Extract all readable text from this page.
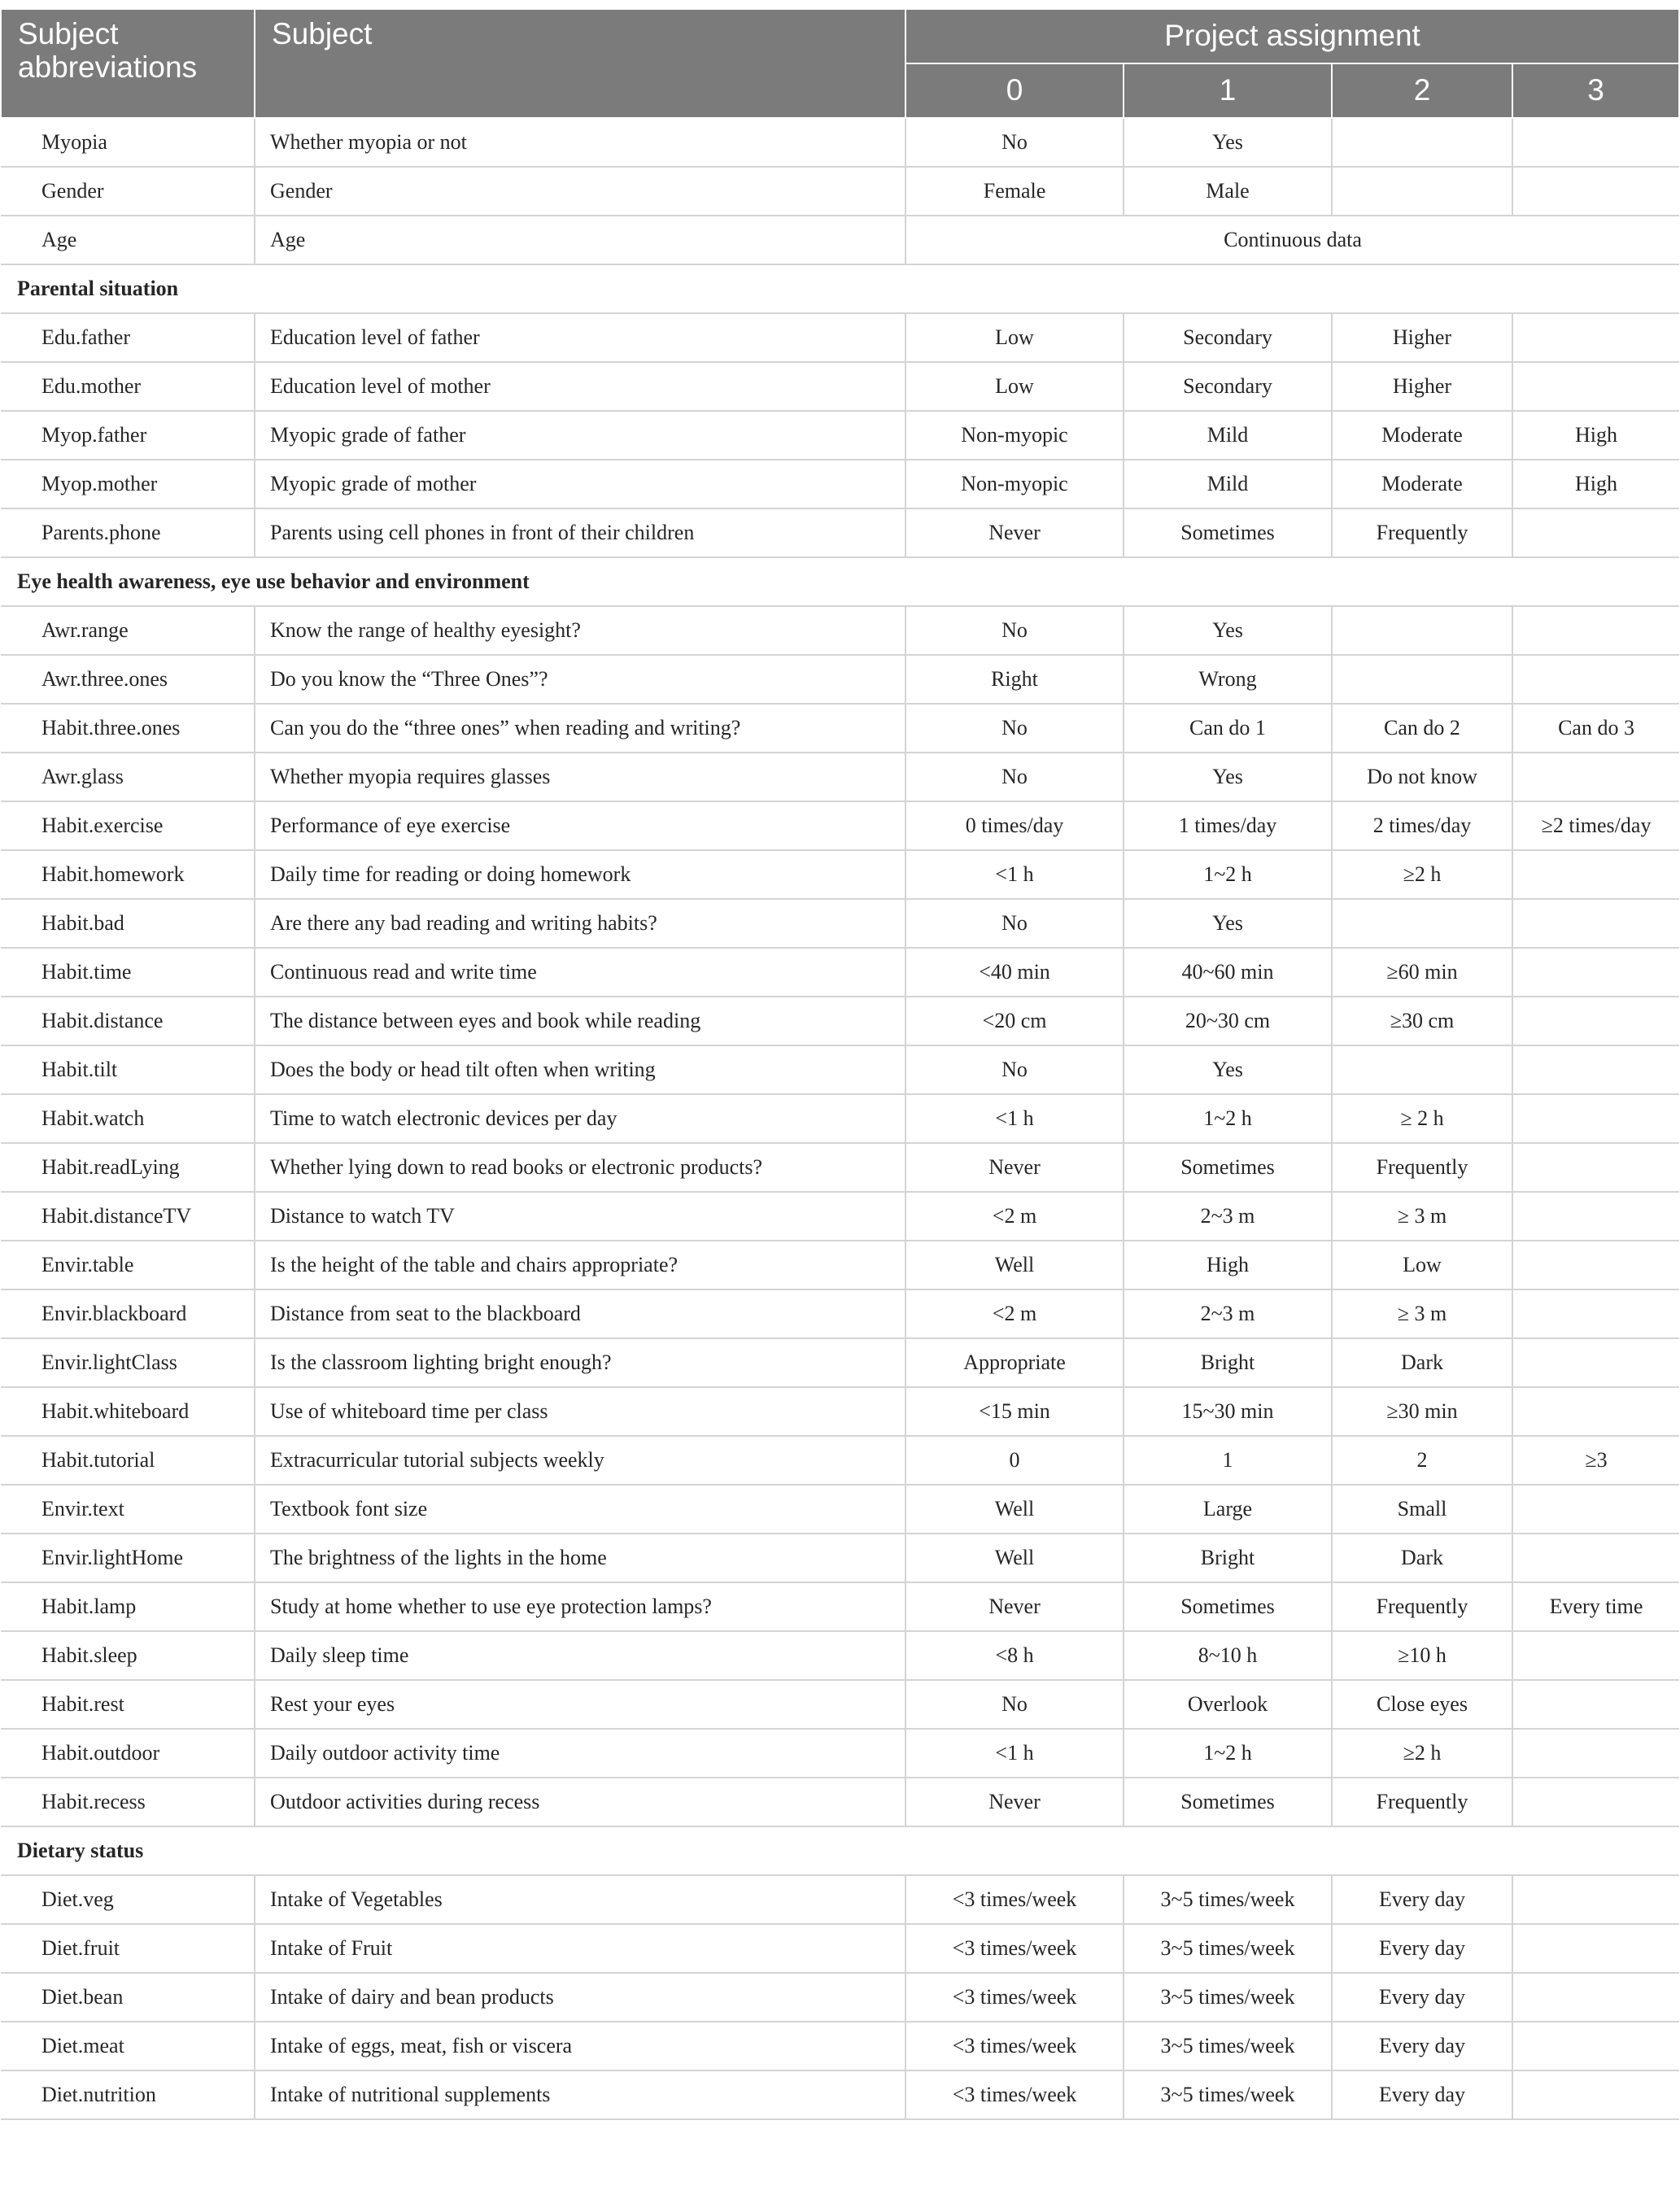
Subject abbreviations	Subject	Project assignment			
		0	1	2	3
Myopia	Whether myopia or not	No	Yes		
Gender	Gender	Female	Male		
Age	Age	Continuous data			
Parental situation					
Edu.father	Education level of father	Low	Secondary	Higher	
Edu.mother	Education level of mother	Low	Secondary	Higher	
Myop.father	Myopic grade of father	Non-myopic	Mild	Moderate	High
Myop.mother	Myopic grade of mother	Non-myopic	Mild	Moderate	High
Parents.phone	Parents using cell phones in front of their children	Never	Sometimes	Frequently	
Eye health awareness, eye use behavior and environment					
Awr.range	Know the range of healthy eyesight?	No	Yes		
Awr.three.ones	Do you know the “Three Ones”?	Right	Wrong		
Habit.three.ones	Can you do the “three ones” when reading and writing?	No	Can do 1	Can do 2	Can do 3
Awr.glass	Whether myopia requires glasses	No	Yes	Do not know	
Habit.exercise	Performance of eye exercise	0 times/day	1 times/day	2 times/day	≥2 times/day
Habit.homework	Daily time for reading or doing homework	<1 h	1~2 h	≥2 h	
Habit.bad	Are there any bad reading and writing habits?	No	Yes		
Habit.time	Continuous read and write time	<40 min	40~60 min	≥60 min	
Habit.distance	The distance between eyes and book while reading	<20 cm	20~30 cm	≥30 cm	
Habit.tilt	Does the body or head tilt often when writing	No	Yes		
Habit.watch	Time to watch electronic devices per day	<1 h	1~2 h	≥ 2 h	
Habit.readLying	Whether lying down to read books or electronic products?	Never	Sometimes	Frequently	
Habit.distanceTV	Distance to watch TV	<2 m	2~3 m	≥ 3 m	
Envir.table	Is the height of the table and chairs appropriate?	Well	High	Low	
Envir.blackboard	Distance from seat to the blackboard	<2 m	2~3 m	≥ 3 m	
Envir.lightClass	Is the classroom lighting bright enough?	Appropriate	Bright	Dark	
Habit.whiteboard	Use of whiteboard time per class	<15 min	15~30 min	≥30 min	
Habit.tutorial	Extracurricular tutorial subjects weekly	0	1	2	≥3
Envir.text	Textbook font size	Well	Large	Small	
Envir.lightHome	The brightness of the lights in the home	Well	Bright	Dark	
Habit.lamp	Study at home whether to use eye protection lamps?	Never	Sometimes	Frequently	Every time
Habit.sleep	Daily sleep time	<8 h	8~10 h	≥10 h	
Habit.rest	Rest your eyes	No	Overlook	Close eyes	
Habit.outdoor	Daily outdoor activity time	<1 h	1~2 h	≥2 h	
Habit.recess	Outdoor activities during recess	Never	Sometimes	Frequently	
Dietary status					
Diet.veg	Intake of Vegetables	<3 times/week	3~5 times/week	Every day	
Diet.fruit	Intake of Fruit	<3 times/week	3~5 times/week	Every day	
Diet.bean	Intake of dairy and bean products	<3 times/week	3~5 times/week	Every day	
Diet.meat	Intake of eggs, meat, fish or viscera	<3 times/week	3~5 times/week	Every day	
Diet.nutrition	Intake of nutritional supplements	<3 times/week	3~5 times/week	Every day	
